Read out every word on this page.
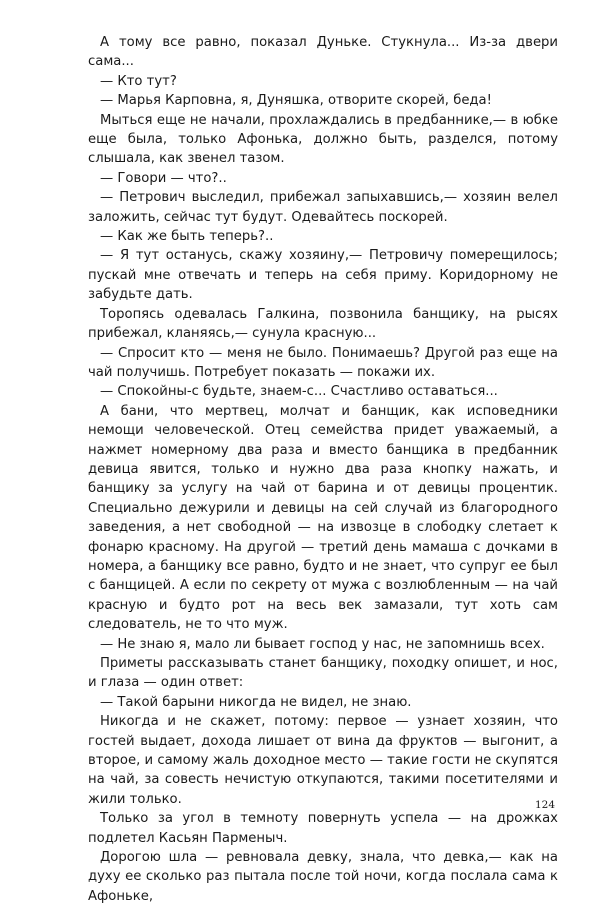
А тому все равно, показал Дуньке. Стукнула... Из-за двери сама...

— Кто тут?

— Марья Карповна, я, Дуняшка, отворите скорей, беда!

Мыться еще не начали, прохлаждались в предбаннике,— в юбке еще была, только Афонька, должно быть, разделся, потому слышала, как звенел тазом.

— Говори — что?..

— Петрович выследил, прибежал запыхавшись,— хозяин велел заложить, сейчас тут будут. Одевайтесь поскорей.

— Как же быть теперь?..

— Я тут останусь, скажу хозяину,— Петровичу померещилось; пускай мне отвечать и теперь на себя приму. Коридорному не забудьте дать.

Торопясь одевалась Галкина, позвонила банщику, на рысях прибежал, кланяясь,— сунула красную...

— Спросит кто — меня не было. Понимаешь? Другой раз еще на чай получишь. Потребует показать — покажи их.

— Спокойны-с будьте, знаем-с... Счастливо оставаться...

А бани, что мертвец, молчат и банщик, как исповедники немощи человеческой. Отец семейства придет уважаемый, а нажмет номерному два раза и вместо банщика в предбанник девица явится, только и нужно два раза кнопку нажать, и банщику за услугу на чай от барина и от девицы процентик. Специально дежурили и девицы на сей случай из благородного заведения, а нет свободной — на извозце в слободку слетает к фонарю красному. На другой — третий день мамаша с дочками в номера, а банщику все равно, будто и не знает, что супруг ее был с банщицей. А если по секрету от мужа с возлюбленным — на чай красную и будто рот на весь век замазали, тут хоть сам следователь, не то что муж.

— Не знаю я, мало ли бывает господ у нас, не запомнишь всех.

Приметы рассказывать станет банщику, походку опишет, и нос, и глаза — один ответ:

— Такой барыни никогда не видел, не знаю.

Никогда и не скажет, потому: первое — узнает хозяин, что гостей выдает, дохода лишает от вина да фруктов — выгонит, а второе, и самому жаль доходное место — такие гости не скупятся на чай, за совесть нечистую откупаются, такими посетителями и жили только.

Только за угол в темноту повернуть успела — на дрожках подлетел Касьян Парменыч.

Дорогою шла — ревновала девку, знала, что девка,— как на духу ее сколько раз пытала после той ночи, когда послала сама к Афоньке,

124
